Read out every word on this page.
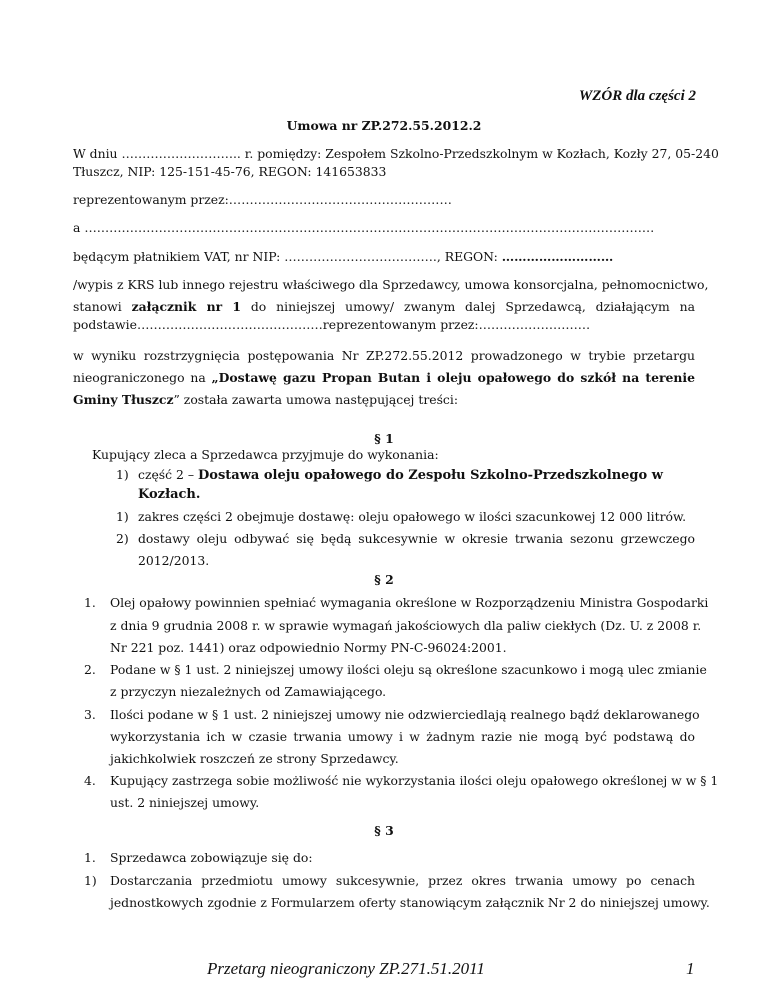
WZÓR dla części 2
Umowa nr ZP.272.55.2012.2
W dniu ……………………….. r. pomiędzy: Zespołem Szkolno-Przedszkolnym w Kozłach, Kozły 27, 05-240
Tłuszcz, NIP: 125-151-45-76, REGON: 141653833
reprezentowanym przez:………………………………………………
a …………………………………………………………………………………………………………………………
będącym płatnikiem VAT, nr NIP: ………………………………., REGON: ………………………
/wypis z KRS lub innego rejestru właściwego dla Sprzedawcy, umowa konsorcjalna, pełnomocnictwo,
stanowi załącznik nr 1 do niniejszej umowy/ zwanym dalej Sprzedawcą, działającym na
podstawie………………………………………reprezentowanym przez:………………………
w wyniku rozstrzygnięcia postępowania Nr ZP.272.55.2012 prowadzonego w trybie przetargu
nieograniczonego na „Dostawę gazu Propan Butan i oleju opałowego do szkół na terenie
Gminy Tłuszcz” została zawarta umowa następującej treści:
§ 1
Kupujący zleca a Sprzedawca przyjmuje do wykonania:
1) część 2 – Dostawa oleju opałowego do Zespołu Szkolno-Przedszkolnego w
Kozłach.
1) zakres części 2 obejmuje dostawę: oleju opałowego w ilości szacunkowej 12 000 litrów.
2) dostawy oleju odbywać się będą sukcesywnie w okresie trwania sezonu grzewczego
2012/2013.
§ 2
1. Olej opałowy powinnien spełniać wymagania określone w Rozporządzeniu Ministra Gospodarki
z dnia 9 grudnia 2008 r. w sprawie wymagań jakościowych dla paliw ciekłych (Dz. U. z 2008 r.
Nr 221 poz. 1441) oraz odpowiednio Normy PN-C-96024:2001.
2. Podane w § 1 ust. 2 niniejszej umowy ilości oleju są określone szacunkowo i mogą ulec zmianie
z przyczyn niezależnych od Zamawiającego.
3. Ilości podane w § 1 ust. 2 niniejszej umowy nie odzwierciedlają realnego bądź deklarowanego
wykorzystania ich w czasie trwania umowy i w żadnym razie nie mogą być podstawą do
jakichkolwiek roszczeń ze strony Sprzedawcy.
4. Kupujący zastrzega sobie możliwość nie wykorzystania ilości oleju opałowego określonej w w § 1
ust. 2 niniejszej umowy.
§ 3
1. Sprzedawca zobowiązuje się do:
1) Dostarczania przedmiotu umowy sukcesywnie, przez okres trwania umowy po cenach
jednostkowych zgodnie z Formularzem oferty stanowiącym załącznik Nr 2 do niniejszej umowy.
Przetarg nieograniczony ZP.271.51.2011	1
